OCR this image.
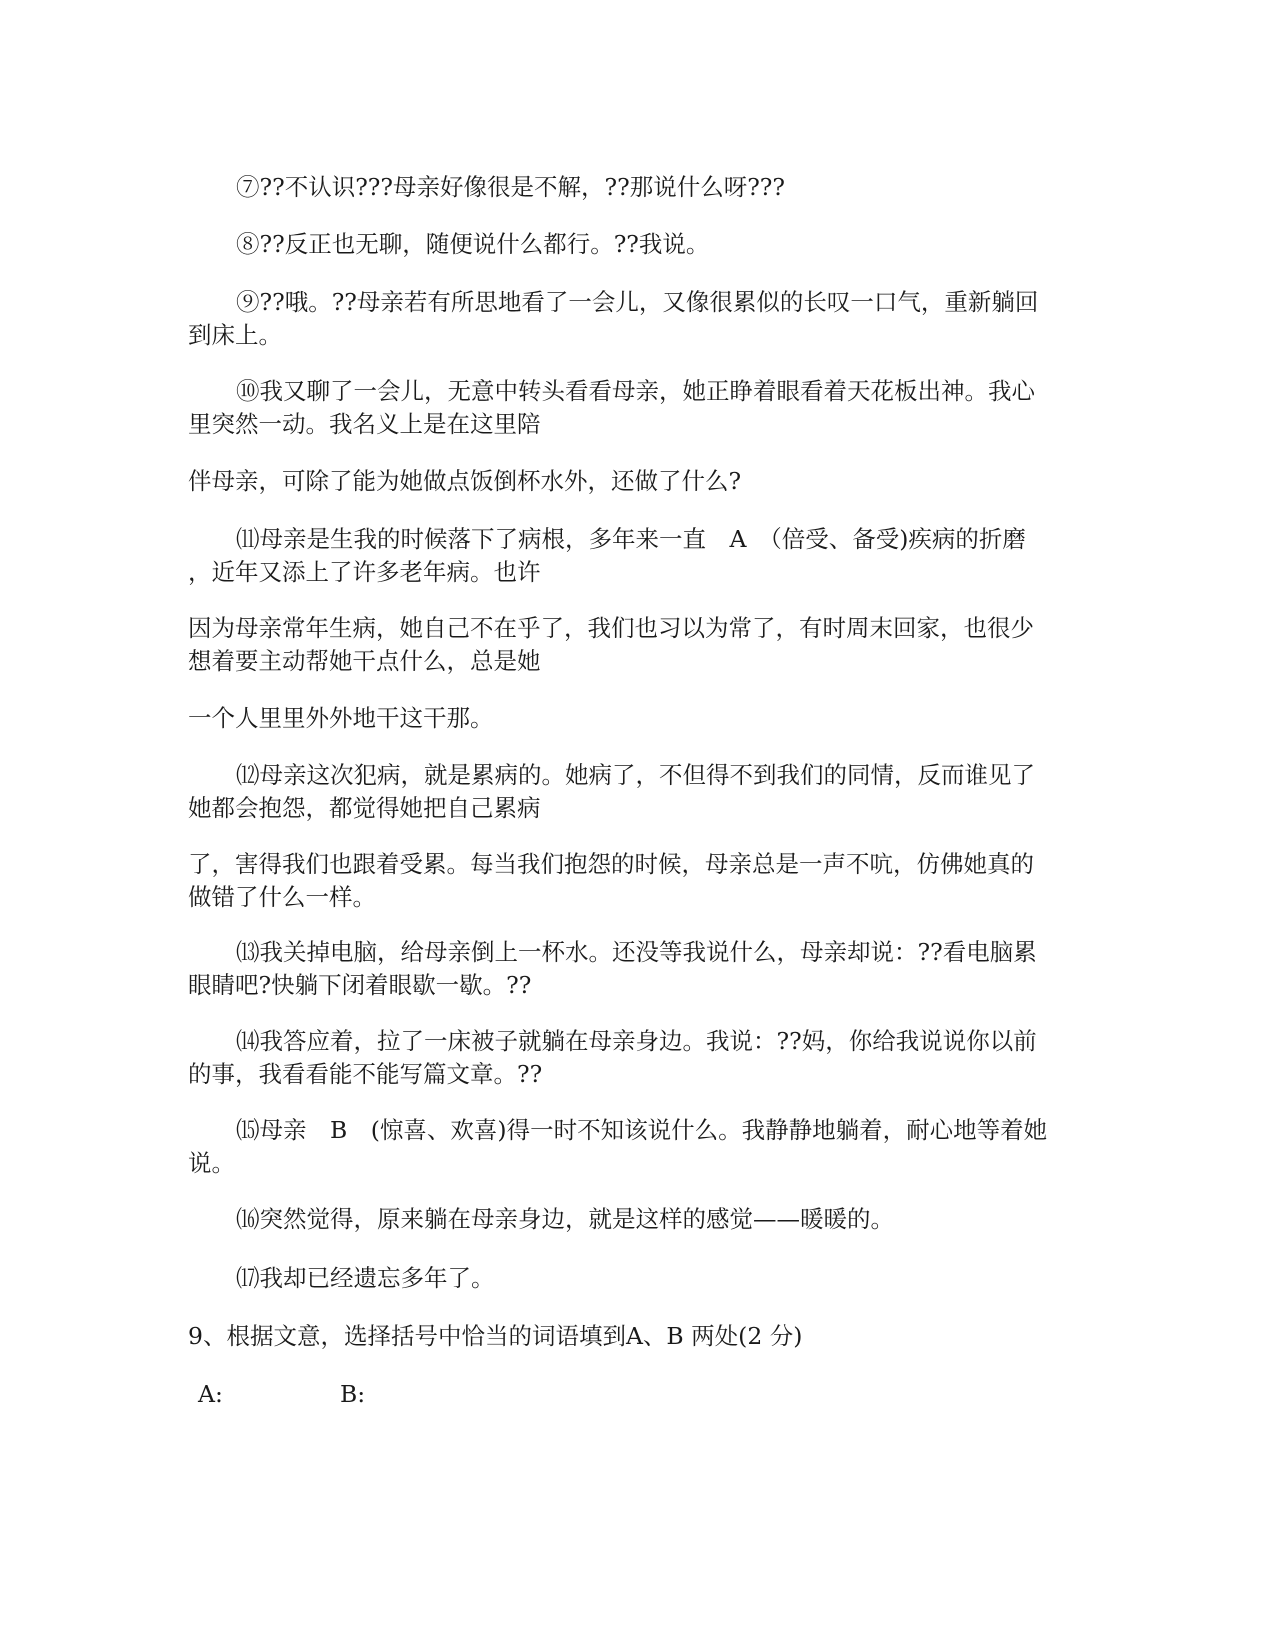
⑦??不认识???母亲好像很是不解，??那说什么呀???
⑧??反正也无聊，随便说什么都行。??我说。
⑨??哦。??母亲若有所思地看了一会儿，又像很累似的长叹一口气，重新躺回
到床上。
⑩我又聊了一会儿，无意中转头看看母亲，她正睁着眼看着天花板出神。我心
里突然一动。我名义上是在这里陪
伴母亲，可除了能为她做点饭倒杯水外，还做了什么?
⑾母亲是生我的时候落下了病根，多年来一直　A　（倍受、备受)疾病的折磨
，近年又添上了许多老年病。也许
因为母亲常年生病，她自己不在乎了，我们也习以为常了，有时周末回家，也很少
想着要主动帮她干点什么，总是她
一个人里里外外地干这干那。
⑿母亲这次犯病，就是累病的。她病了，不但得不到我们的同情，反而谁见了
她都会抱怨，都觉得她把自己累病
了，害得我们也跟着受累。每当我们抱怨的时候，母亲总是一声不吭，仿佛她真的
做错了什么一样。
⒀我关掉电脑，给母亲倒上一杯水。还没等我说什么，母亲却说：??看电脑累
眼睛吧?快躺下闭着眼歇一歇。??
⒁我答应着，拉了一床被子就躺在母亲身边。我说：??妈，你给我说说你以前
的事，我看看能不能写篇文章。??
⒂母亲　B　(惊喜、欢喜)得一时不知该说什么。我静静地躺着，耐心地等着她
说。
⒃突然觉得，原来躺在母亲身边，就是这样的感觉——暖暖的。
⒄我却已经遗忘多年了。
9、根据文意，选择括号中恰当的词语填到A、B 两处(2 分)
A:	B:
